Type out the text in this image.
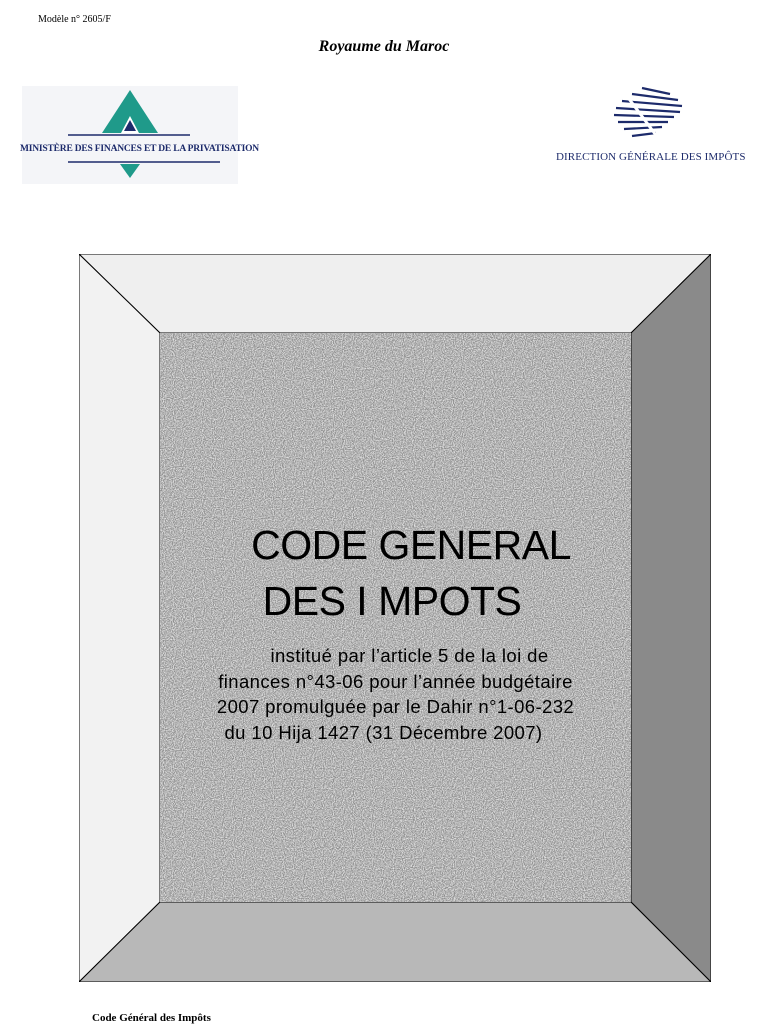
Modèle n° 2605/F
Royaume du Maroc
MINISTÈRE DES FINANCES ET DE LA PRIVATISATION
DIRECTION GÉNÉRALE DES IMPÔTS
CODE GENERAL
DES I MPOTS
institué par l’article 5 de la loi de
finances n°43-06 pour l’année budgétaire
2007 promulguée par le Dahir n°1-06-232
du 10 Hija 1427 (31 Décembre 2007)
Code Général des Impôts
